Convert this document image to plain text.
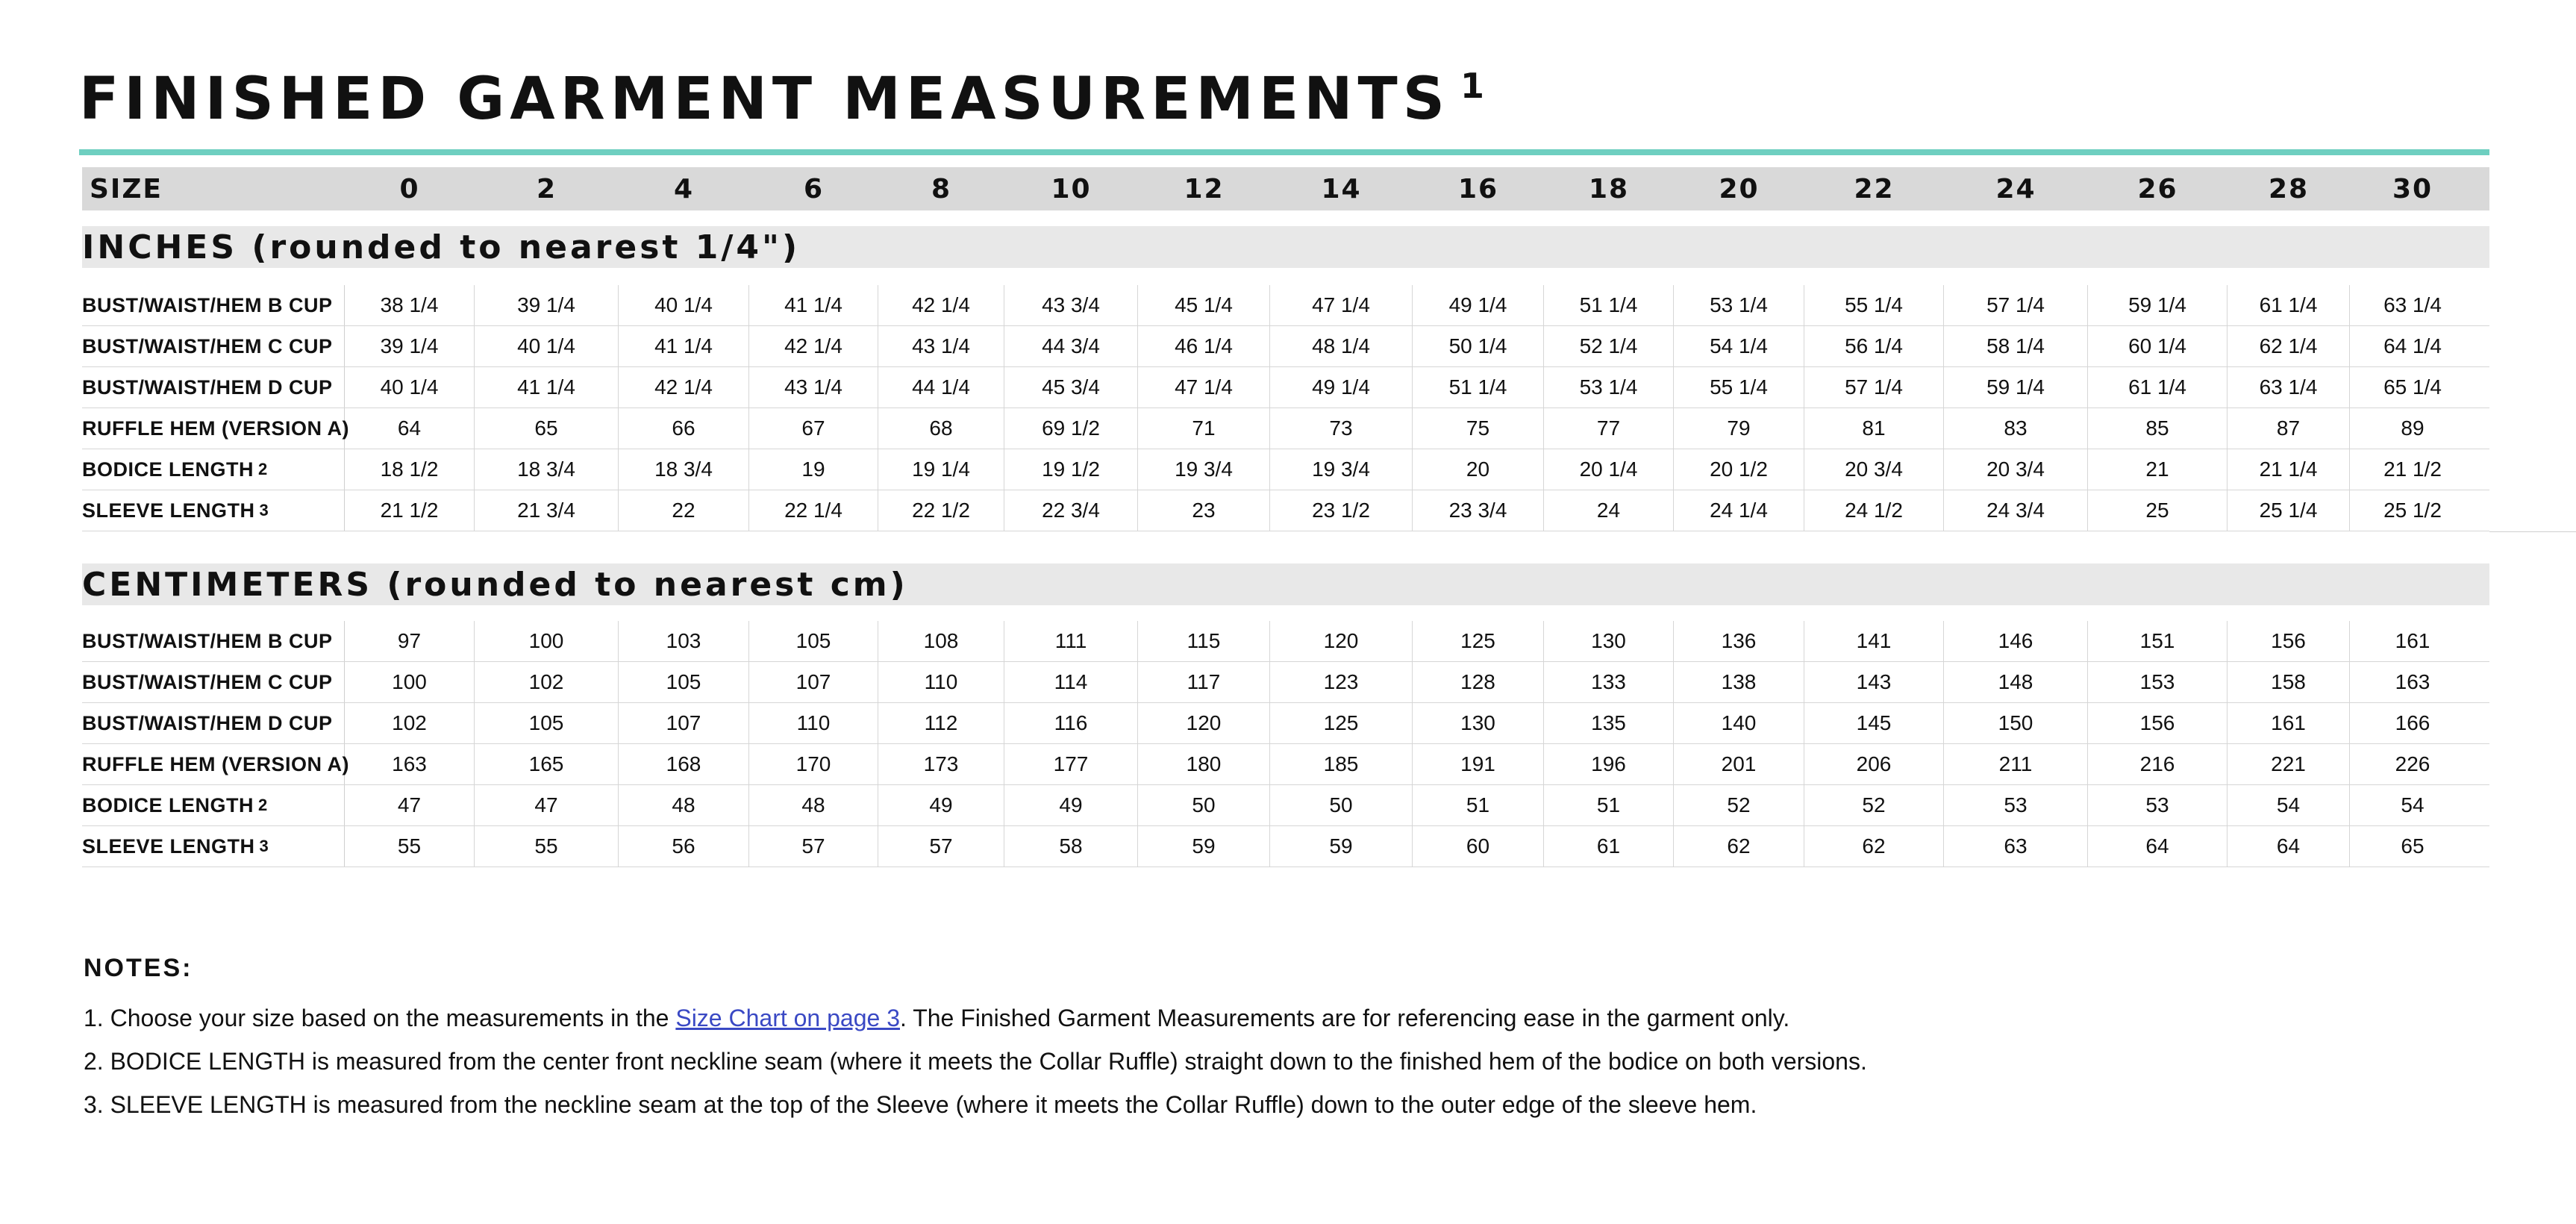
FINISHED GARMENT MEASUREMENTS $^1$
SIZE	0	2	4	6	8	10	12	14	16	18	20	22	24	26	28	30
INCHES (rounded to nearest 1/4")
BUST/WAIST/HEM B CUP	38 1/4	39 1/4	40 1/4	41 1/4	42 1/4	43 3/4	45 1/4	47 1/4	49 1/4	51 1/4	53 1/4	55 1/4	57 1/4	59 1/4	61 1/4	63 1/4
BUST/WAIST/HEM C CUP	39 1/4	40 1/4	41 1/4	42 1/4	43 1/4	44 3/4	46 1/4	48 1/4	50 1/4	52 1/4	54 1/4	56 1/4	58 1/4	60 1/4	62 1/4	64 1/4
BUST/WAIST/HEM D CUP	40 1/4	41 1/4	42 1/4	43 1/4	44 1/4	45 3/4	47 1/4	49 1/4	51 1/4	53 1/4	55 1/4	57 1/4	59 1/4	61 1/4	63 1/4	65 1/4
RUFFLE HEM (VERSION A)	64	65	66	67	68	69 1/2	71	73	75	77	79	81	83	85	87	89
BODICE LENGTH 2	18 1/2	18 3/4	18 3/4	19	19 1/4	19 1/2	19 3/4	19 3/4	20	20 1/4	20 1/2	20 3/4	20 3/4	21	21 1/4	21 1/2
SLEEVE LENGTH 3	21 1/2	21 3/4	22	22 1/4	22 1/2	22 3/4	23	23 1/2	23 3/4	24	24 1/4	24 1/2	24 3/4	25	25 1/4	25 1/2
CENTIMETERS (rounded to nearest cm)
BUST/WAIST/HEM B CUP	97	100	103	105	108	111	115	120	125	130	136	141	146	151	156	161
BUST/WAIST/HEM C CUP	100	102	105	107	110	114	117	123	128	133	138	143	148	153	158	163
BUST/WAIST/HEM D CUP	102	105	107	110	112	116	120	125	130	135	140	145	150	156	161	166
RUFFLE HEM (VERSION A)	163	165	168	170	173	177	180	185	191	196	201	206	211	216	221	226
BODICE LENGTH 2	47	47	48	48	49	49	50	50	51	51	52	52	53	53	54	54
SLEEVE LENGTH 3	55	55	56	57	57	58	59	59	60	61	62	62	63	64	64	65
NOTES:
1. Choose your size based on the measurements in the Size Chart on page 3. The Finished Garment Measurements are for referencing ease in the garment only.
2. BODICE LENGTH is measured from the center front neckline seam (where it meets the Collar Ruffle) straight down to the finished hem of the bodice on both versions.
3. SLEEVE LENGTH is measured from the neckline seam at the top of the Sleeve (where it meets the Collar Ruffle) down to the outer edge of the sleeve hem.
